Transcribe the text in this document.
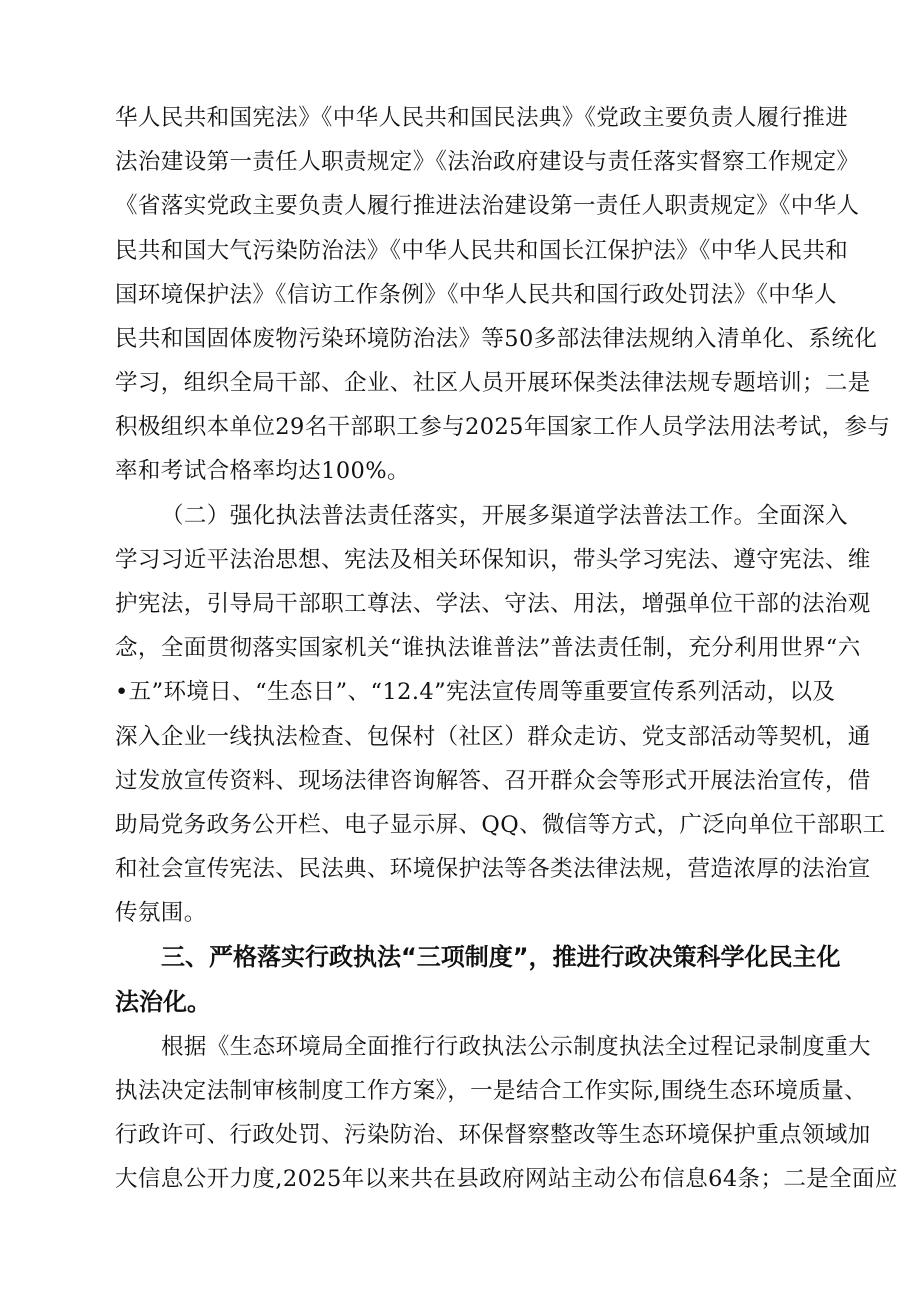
华人民共和国宪法》《中华人民共和国民法典》《党政主要负责人履行推进
法治建设第一责任人职责规定》《法治政府建设与责任落实督察工作规定》
《省落实党政主要负责人履行推进法治建设第一责任人职责规定》《中华人
民共和国大气污染防治法》《中华人民共和国长江保护法》《中华人民共和
国环境保护法》《信访工作条例》《中华人民共和国行政处罚法》《中华人
民共和国固体废物污染环境防治法》等50多部法律法规纳入清单化、系统化
学习，组织全局干部、企业、社区人员开展环保类法律法规专题培训；二是
积极组织本单位29名干部职工参与2025年国家工作人员学法用法考试，参与
率和考试合格率均达100%。
（二）强化执法普法责任落实，开展多渠道学法普法工作。全面深入
学习习近平法治思想、宪法及相关环保知识，带头学习宪法、遵守宪法、维
护宪法，引导局干部职工尊法、学法、守法、用法，增强单位干部的法治观
念，全面贯彻落实国家机关“谁执法谁普法”普法责任制，充分利用世界“六
•五”环境日、“生态日”、“12.4”宪法宣传周等重要宣传系列活动，以及
深入企业一线执法检查、包保村（社区）群众走访、党支部活动等契机，通
过发放宣传资料、现场法律咨询解答、召开群众会等形式开展法治宣传，借
助局党务政务公开栏、电子显示屏、QQ、微信等方式，广泛向单位干部职工
和社会宣传宪法、民法典、环境保护法等各类法律法规，营造浓厚的法治宣
传氛围。
三、严格落实行政执法“三项制度”，推进行政决策科学化民主化
法治化。
根据《生态环境局全面推行行政执法公示制度执法全过程记录制度重大
执法决定法制审核制度工作方案》，一是结合工作实际,围绕生态环境质量、
行政许可、行政处罚、污染防治、环保督察整改等生态环境保护重点领域加
大信息公开力度,2025年以来共在县政府网站主动公布信息64条；二是全面应
